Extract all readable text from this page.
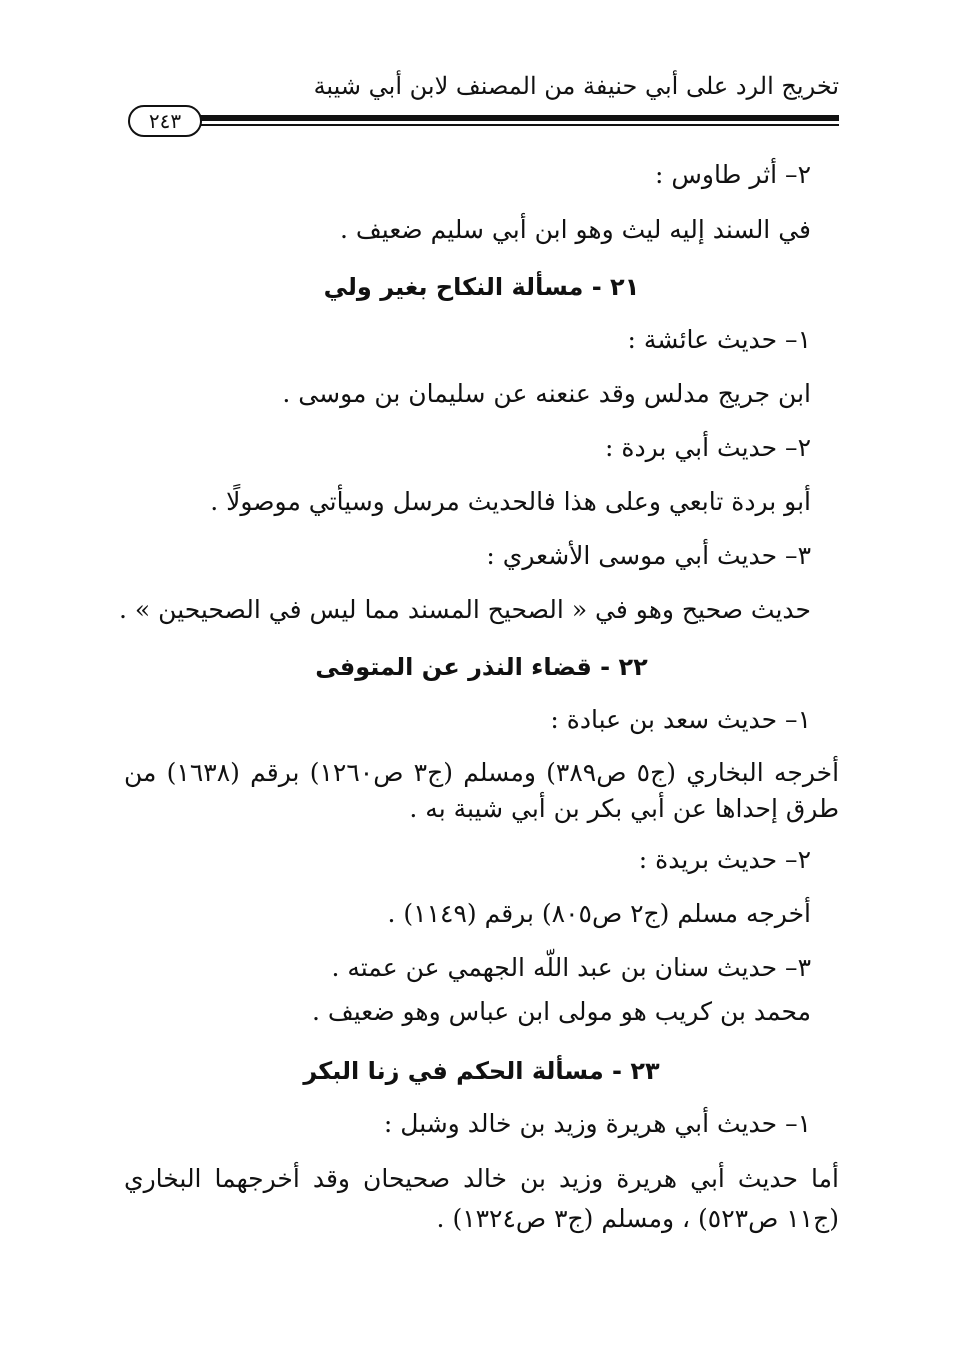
تخريج الرد على أبي حنيفة من المصنف لابن أبي شيبة
٢٤٣
٢– أثر طاوس :
في السند إليه ليث وهو ابن أبي سليم ضعيف .
٢١ - مسألة النكاح بغير ولي
١– حديث عائشة :
ابن جريج مدلس وقد عنعنه عن سليمان بن موسى .
٢– حديث أبي بردة :
أبو بردة تابعي وعلى هذا فالحديث مرسل وسيأتي موصولًا .
٣– حديث أبي موسى الأشعري :
حديث صحيح وهو في « الصحيح المسند مما ليس في الصحيحين » .
٢٢ - قضاء النذر عن المتوفى
١– حديث سعد بن عبادة :
أخرجه البخاري (ج٥ ص٣٨٩) ومسلم (ج٣ ص١٢٦٠) برقم (١٦٣٨) من طرق إحداها عن أبي بكر بن أبي شيبة به .
٢– حديث بريدة :
أخرجه مسلم (ج٢ ص٨٠٥) برقم (١١٤٩) .
٣– حديث سنان بن عبد اللّه الجهمي عن عمته .
محمد بن كريب هو مولى ابن عباس وهو ضعيف .
٢٣ - مسألة الحكم في زنا البكر
١– حديث أبي هريرة وزيد بن خالد وشبل :
أما حديث أبي هريرة وزيد بن خالد صحيحان وقد أخرجهما البخاري (ج١١ ص٥٢٣) ، ومسلم (ج٣ ص١٣٢٤) .
